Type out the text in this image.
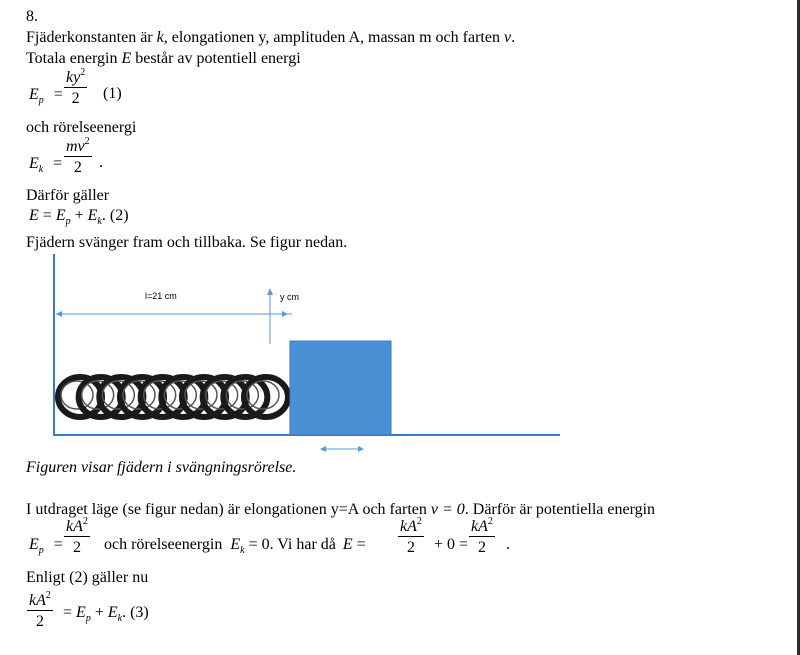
8.
Fjäderkonstanten är k, elongationen y, amplituden A, massan m och farten v.
Totala energin E består av potentiell energi
$E_p = \frac{ky^2}{2} (1)$
och rörelseenergi
$E_k = \frac{mv^2}{2}$ .
Därför gäller
$E = E_p + E_k$. (2)
Fjädern svänger fram och tillbaka. Se figur nedan.
l=21 cm	y cm
Figuren visar fjädern i svängningsrörelse.
I utdraget läge (se figur nedan) är elongationen y=A och farten v = 0. Därför är potentiella energin
$E_p = \frac{kA^2}{2}$ och rörelseenergin $E_k = 0$. Vi har då $E = \frac{kA^2}{2} + 0 = \frac{kA^2}{2}$ .
Enligt (2) gäller nu
$\frac{kA^2}{2} = E_p + E_k$. (3)
